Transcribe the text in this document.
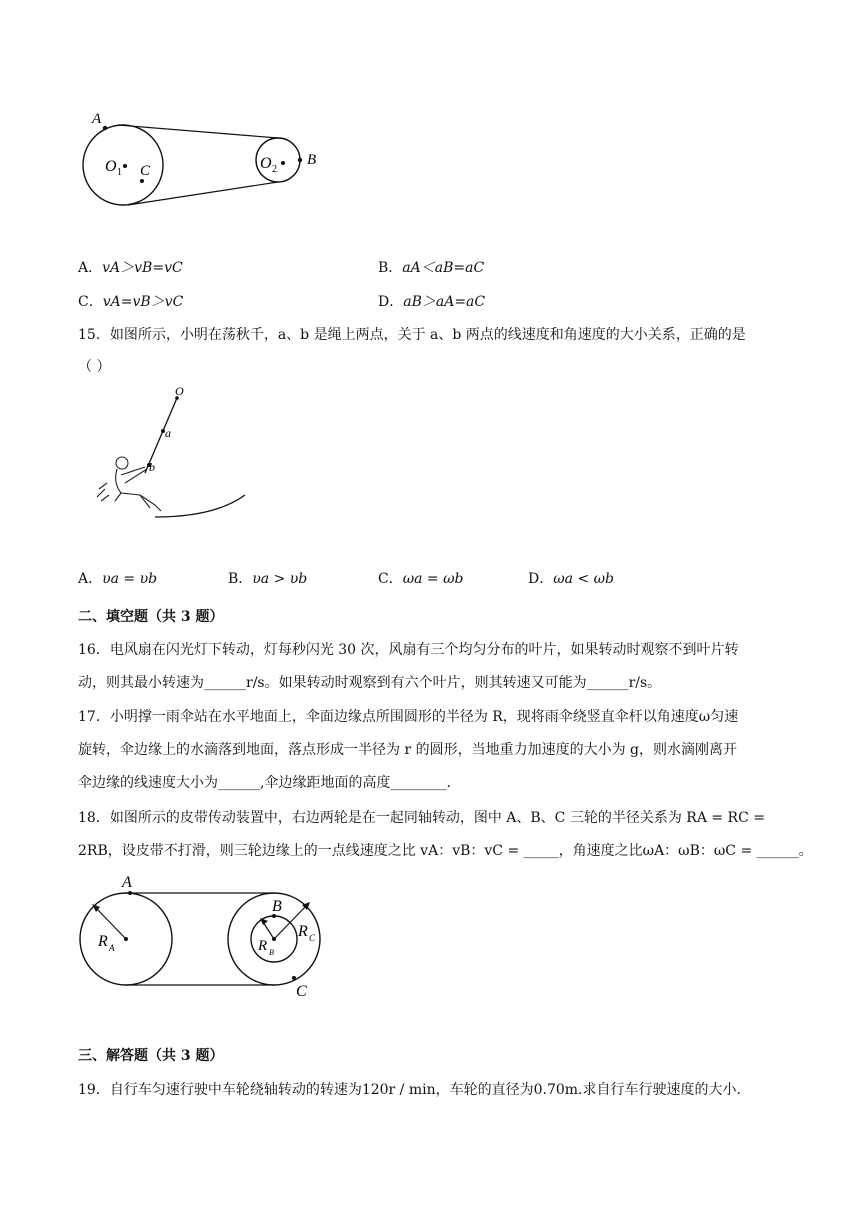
A
O 1 C	O 2
B
A．vA＞vB=vC	B．aA＜aB=aC
C．vA=vB＞vC	D．aB＞aA=aC
15．如图所示，小明在荡秋千，a、b 是绳上两点，关于 a、b 两点的线速度和角速度的大小关系，正确的是
（ ）
O
a
b
A．υa = υb	B．υa > υb	C．ωa = ωb	D．ωa < ωb
二、填空题（共 3 题）
16．电风扇在闪光灯下转动，灯每秒闪光 30 次，风扇有三个均匀分布的叶片，如果转动时观察不到叶片转
动，则其最小转速为______r/s。如果转动时观察到有六个叶片，则其转速又可能为______r/s。
17．小明撑一雨伞站在水平地面上，伞面边缘点所围圆形的半径为 R，现将雨伞绕竖直伞杆以角速度ω匀速
旋转，伞边缘上的水滴落到地面，落点形成一半径为 r 的圆形，当地重力加速度的大小为 g，则水滴刚离开
伞边缘的线速度大小为______,伞边缘距地面的高度________.
18．如图所示的皮带传动装置中，右边两轮是在一起同轴转动，图中 A、B、C 三轮的半径关系为 RA = RC =
2RB，设皮带不打滑，则三轮边缘上的一点线速度之比 vA：vB：vC = _____，角速度之比ωA：ωB：ωC = ______。
A
R A
B
R B
R C
C
三、解答题（共 3 题）
19．自行车匀速行驶中车轮绕轴转动的转速为120r / min，车轮的直径为0.70m.求自行车行驶速度的大小.
